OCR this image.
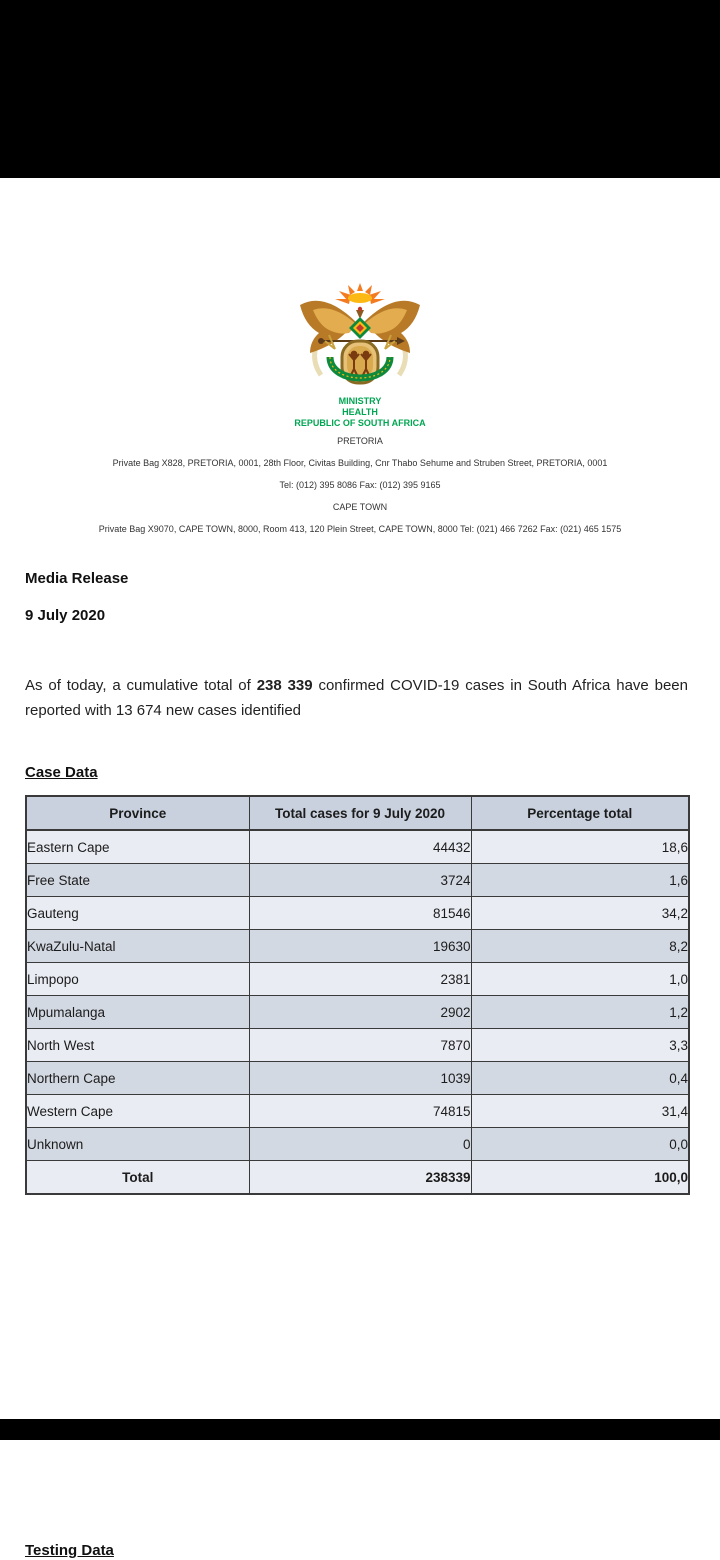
MINISTRY
HEALTH
REPUBLIC OF SOUTH AFRICA
PRETORIA
Private Bag X828, PRETORIA, 0001, 28th Floor, Civitas Building, Cnr Thabo Sehume and Struben Street, PRETORIA, 0001
Tel: (012) 395 8086 Fax: (012) 395 9165
CAPE TOWN
Private Bag X9070, CAPE TOWN, 8000, Room 413, 120 Plein Street, CAPE TOWN, 8000 Tel: (021) 466 7262 Fax: (021) 465 1575
Media Release
9 July 2020
As of today, a cumulative total of 238 339 confirmed COVID-19 cases in South Africa have been reported with 13 674 new cases identified
Case Data
Province	Total cases for 9 July 2020	Percentage total
Eastern Cape	44432	18,6
Free State	3724	1,6
Gauteng	81546	34,2
KwaZulu-Natal	19630	8,2
Limpopo	2381	1,0
Mpumalanga	2902	1,2
North West	7870	3,3
Northern Cape	1039	0,4
Western Cape	74815	31,4
Unknown	0	0,0
Total	238339	100,0
Testing Data
